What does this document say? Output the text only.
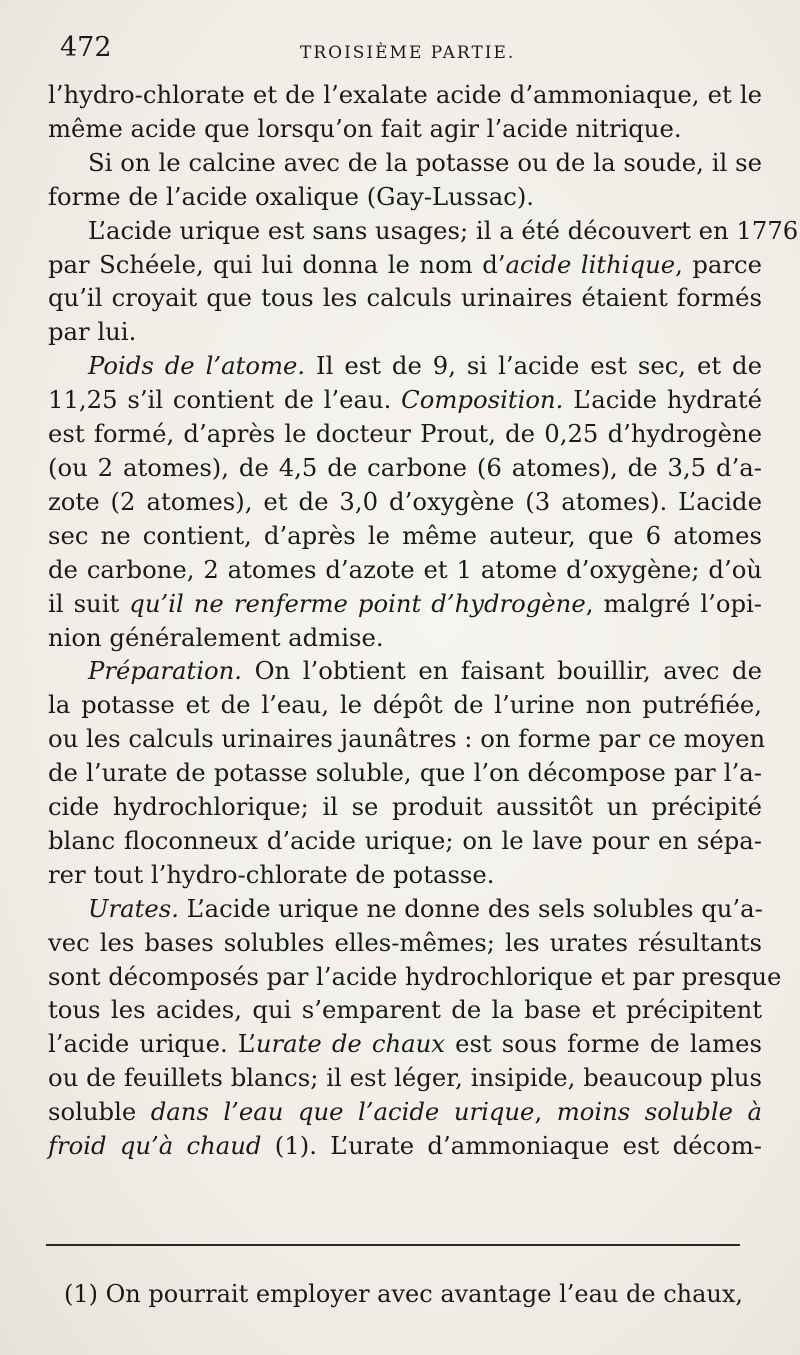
472	TROISIÈME PARTIE.
l’hydro-chlorate et de l’exalate acide d’ammoniaque, et le
même acide que lorsqu’on fait agir l’acide nitrique.
Si on le calcine avec de la potasse ou de la soude, il se
forme de l’acide oxalique (Gay-Lussac).
L’acide urique est sans usages; il a été découvert en 1776
par Schéele, qui lui donna le nom d’acide lithique, parce
qu’il croyait que tous les calculs urinaires étaient formés
par lui.
Poids de l’atome. Il est de 9, si l’acide est sec, et de
11,25 s’il contient de l’eau. Composition. L’acide hydraté
est formé, d’après le docteur Prout, de 0,25 d’hydrogène
(ou 2 atomes), de 4,5 de carbone (6 atomes), de 3,5 d’a-
zote (2 atomes), et de 3,0 d’oxygène (3 atomes). L’acide
sec ne contient, d’après le même auteur, que 6 atomes
de carbone, 2 atomes d’azote et 1 atome d’oxygène; d’où
il suit qu’il ne renferme point d’hydrogène, malgré l’opi-
nion généralement admise.
Préparation. On l’obtient en faisant bouillir, avec de
la potasse et de l’eau, le dépôt de l’urine non putréfiée,
ou les calculs urinaires jaunâtres : on forme par ce moyen
de l’urate de potasse soluble, que l’on décompose par l’a-
cide hydrochlorique; il se produit aussitôt un précipité
blanc floconneux d’acide urique; on le lave pour en sépa-
rer tout l’hydro-chlorate de potasse.
Urates. L’acide urique ne donne des sels solubles qu’a-
vec les bases solubles elles-mêmes; les urates résultants
sont décomposés par l’acide hydrochlorique et par presque
tous les acides, qui s’emparent de la base et précipitent
l’acide urique. L’urate de chaux est sous forme de lames
ou de feuillets blancs; il est léger, insipide, beaucoup plus
soluble dans l’eau que l’acide urique, moins soluble à
froid qu’à chaud (1). L’urate d’ammoniaque est décom-
(1) On pourrait employer avec avantage l’eau de chaux,
